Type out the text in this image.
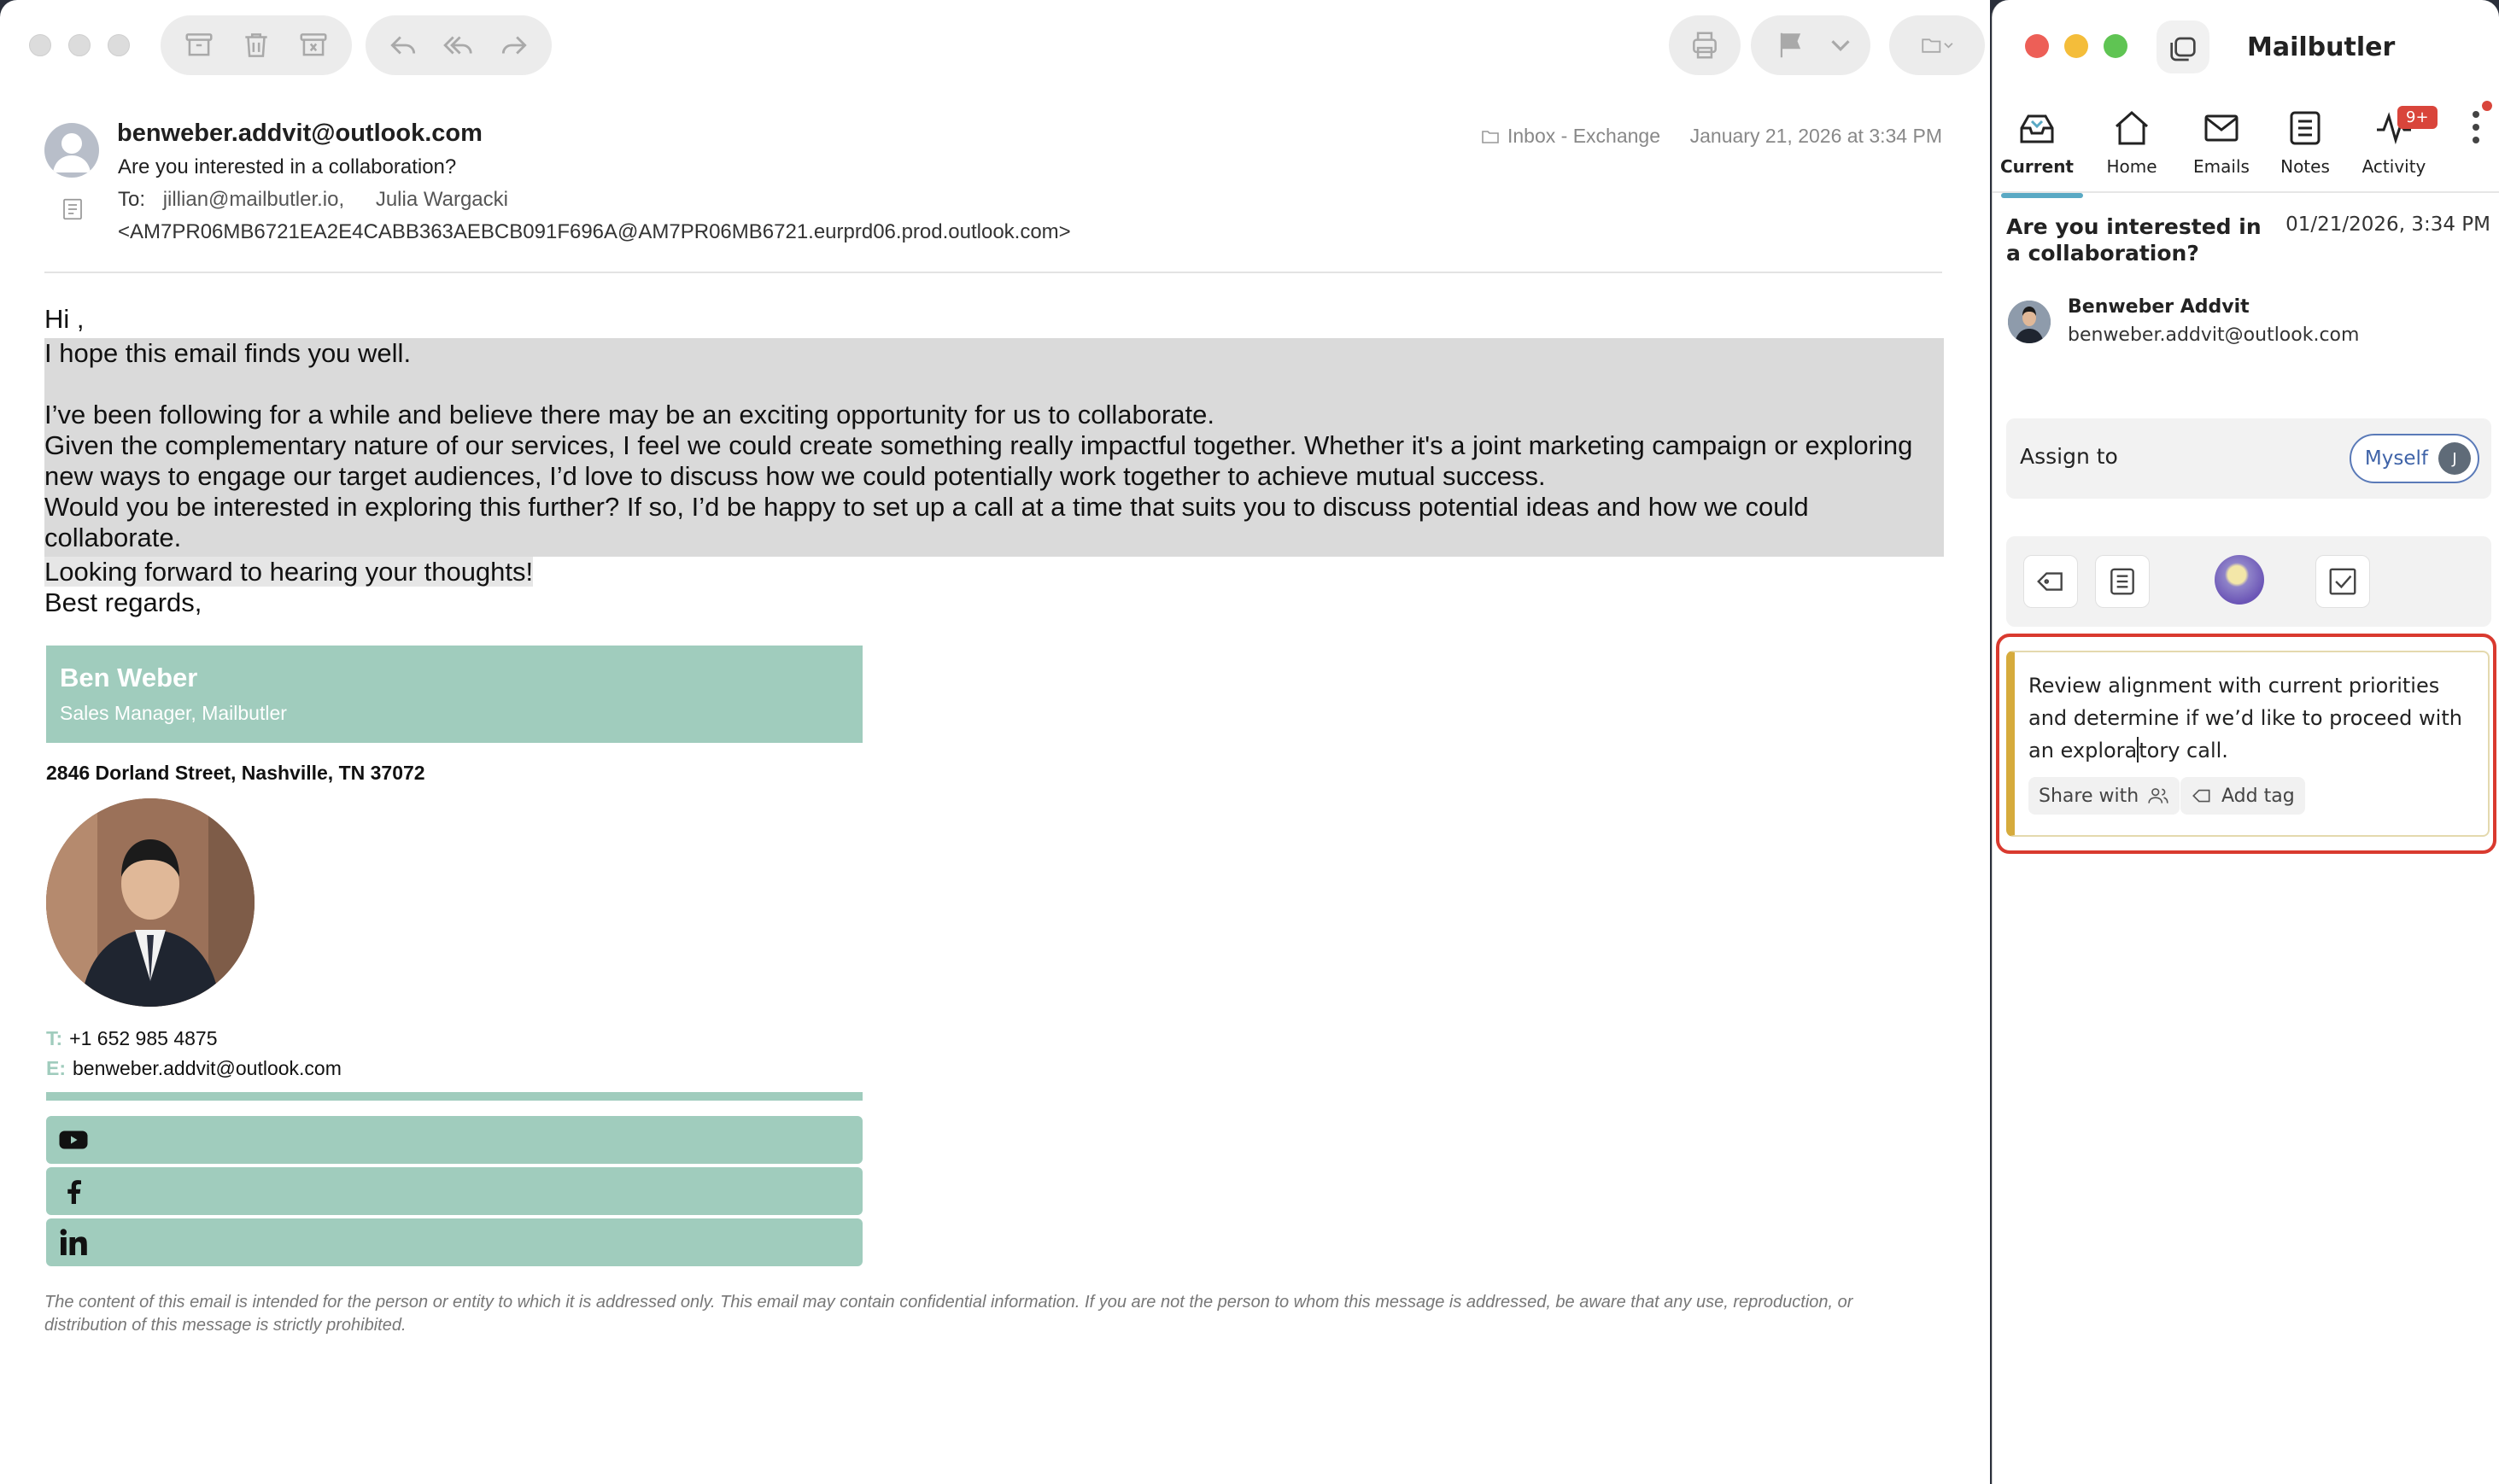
benweber.addvit@outlook.com
Are you interested in a collaboration?
To: jillian@mailbutler.io, Julia Wargacki
<AM7PR06MB6721EA2E4CABB363AEBCB091F696A@AM7PR06MB6721.eurprd06.prod.outlook.com>
Inbox - Exchange January 21, 2026 at 3:34 PM

Hi ,

I hope this email finds you well.

I’ve been following for a while and believe there may be an exciting opportunity for us to collaborate.

Given the complementary nature of our services, I feel we could create something really impactful together. Whether it's a joint marketing campaign or exploring new ways to engage our target audiences, I’d love to discuss how we could potentially work together to achieve mutual success.

Would you be interested in exploring this further? If so, I’d be happy to set up a call at a time that suits you to discuss potential ideas and how we could collaborate.

Looking forward to hearing your thoughts!

Best regards,

Ben Weber
Sales Manager, Mailbutler
2846 Dorland Street, Nashville, TN 37072
T: +1 652 985 4875
E: benweber.addvit@outlook.com
The content of this email is intended for the person or entity to which it is addressed only. This email may contain confidential information. If you are not the person to whom this message is addressed, be aware that any use, reproduction, or distribution of this message is strictly prohibited.
Mailbutler
Current	Home	Emails	Notes	Activity
9+
Are you interested in a collaboration?
01/21/2026, 3:34 PM
Benweber Addvit
benweber.addvit@outlook.com
Assign to	Myself	J
Review alignment with current priorities and determine if we’d like to proceed with an exploratory call.
Share with	Add tag
